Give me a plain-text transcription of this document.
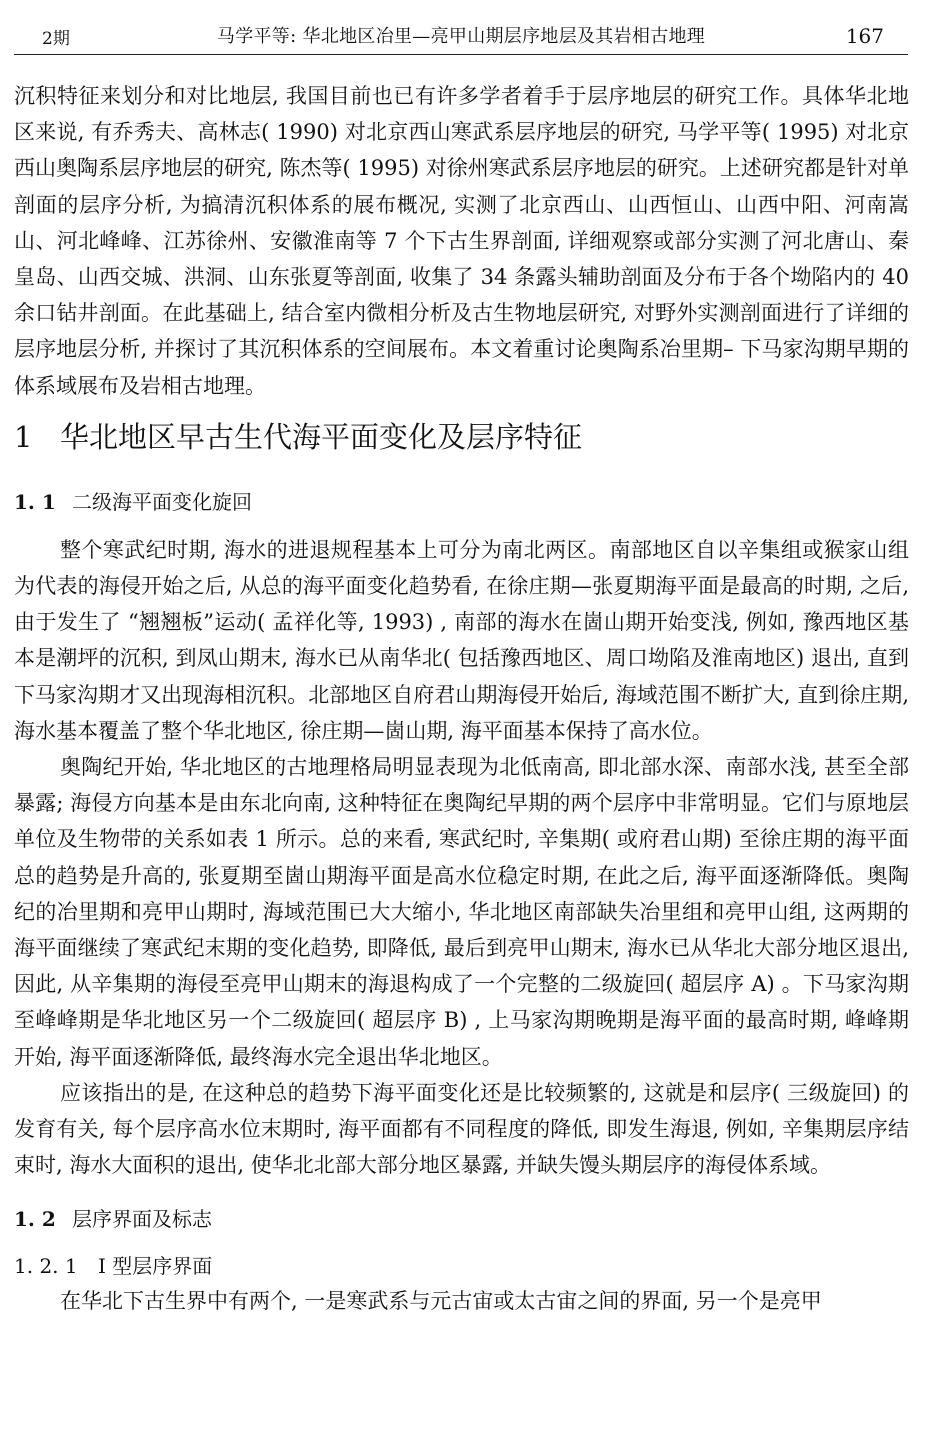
2期	马学平等: 华北地区冶里—亮甲山期层序地层及其岩相古地理	167

沉积特征来划分和对比地层, 我国目前也已有许多学者着手于层序地层的研究工作。具体华北地区来说, 有乔秀夫、高林志( 1990) 对北京西山寒武系层序地层的研究, 马学平等( 1995) 对北京西山奥陶系层序地层的研究, 陈杰等( 1995) 对徐州寒武系层序地层的研究。上述研究都是针对单剖面的层序分析, 为搞清沉积体系的展布概况, 实测了北京西山、山西恒山、山西中阳、河南嵩山、河北峰峰、江苏徐州、安徽淮南等 7 个下古生界剖面, 详细观察或部分实测了河北唐山、秦皇岛、山西交城、洪洞、山东张夏等剖面, 收集了 34 条露头辅助剖面及分布于各个坳陷内的 40 余口钻井剖面。在此基础上, 结合室内微相分析及古生物地层研究, 对野外实测剖面进行了详细的层序地层分析, 并探讨了其沉积体系的空间展布。本文着重讨论奥陶系冶里期– 下马家沟期早期的体系域展布及岩相古地理。

1 华北地区早古生代海平面变化及层序特征
1. 1 二级海平面变化旋回

整个寒武纪时期, 海水的进退规程基本上可分为南北两区。南部地区自以辛集组或猴家山组为代表的海侵开始之后, 从总的海平面变化趋势看, 在徐庄期—张夏期海平面是最高的时期, 之后, 由于发生了 “翘翘板”运动( 孟祥化等, 1993) , 南部的海水在崮山期开始变浅, 例如, 豫西地区基本是潮坪的沉积, 到凤山期末, 海水已从南华北( 包括豫西地区、周口坳陷及淮南地区) 退出, 直到下马家沟期才又出现海相沉积。北部地区自府君山期海侵开始后, 海域范围不断扩大, 直到徐庄期, 海水基本覆盖了整个华北地区, 徐庄期—崮山期, 海平面基本保持了高水位。

奥陶纪开始, 华北地区的古地理格局明显表现为北低南高, 即北部水深、南部水浅, 甚至全部暴露; 海侵方向基本是由东北向南, 这种特征在奥陶纪早期的两个层序中非常明显。它们与原地层单位及生物带的关系如表 1 所示。总的来看, 寒武纪时, 辛集期( 或府君山期) 至徐庄期的海平面总的趋势是升高的, 张夏期至崮山期海平面是高水位稳定时期, 在此之后, 海平面逐渐降低。奥陶纪的冶里期和亮甲山期时, 海域范围已大大缩小, 华北地区南部缺失冶里组和亮甲山组, 这两期的海平面继续了寒武纪末期的变化趋势, 即降低, 最后到亮甲山期末, 海水已从华北大部分地区退出, 因此, 从辛集期的海侵至亮甲山期末的海退构成了一个完整的二级旋回( 超层序 A) 。下马家沟期至峰峰期是华北地区另一个二级旋回( 超层序 B) , 上马家沟期晚期是海平面的最高时期, 峰峰期开始, 海平面逐渐降低, 最终海水完全退出华北地区。

应该指出的是, 在这种总的趋势下海平面变化还是比较频繁的, 这就是和层序( 三级旋回) 的发育有关, 每个层序高水位末期时, 海平面都有不同程度的降低, 即发生海退, 例如, 辛集期层序结束时, 海水大面积的退出, 使华北北部大部分地区暴露, 并缺失馒头期层序的海侵体系域。

1. 2 层序界面及标志
1. 2. 1 I 型层序界面

在华北下古生界中有两个, 一是寒武系与元古宙或太古宙之间的界面, 另一个是亮甲
